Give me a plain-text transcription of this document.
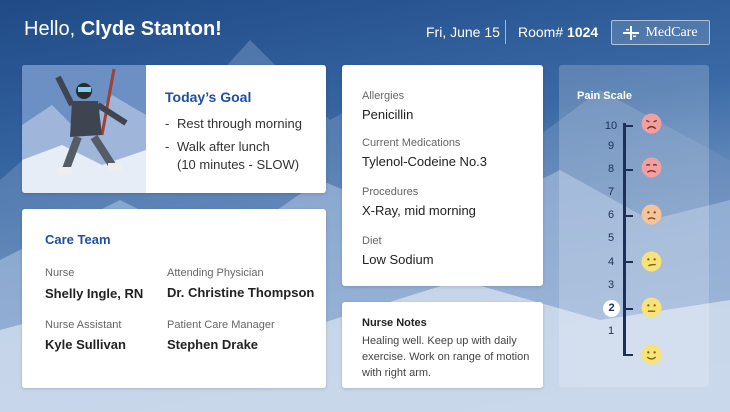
Hello, Clyde Stanton!	Fri, June 15 Room# 1024	MedCare
Today’s Goal
- Rest through morning
- Walk after lunch
(10 minutes - SLOW)
Care Team
Nurse
Shelly Ingle, RN
Attending Physician
Dr. Christine Thompson
Nurse Assistant
Kyle Sullivan
Patient Care Manager
Stephen Drake
Allergies
Penicillin
Current Medications
Tylenol-Codeine No.3
Procedures
X-Ray, mid morning
Diet
Low Sodium
Nurse Notes
Healing well. Keep up with daily exercise. Work on range of motion with right arm.
Pain Scale
10
9
8
7
6
5
4
3
2
1
